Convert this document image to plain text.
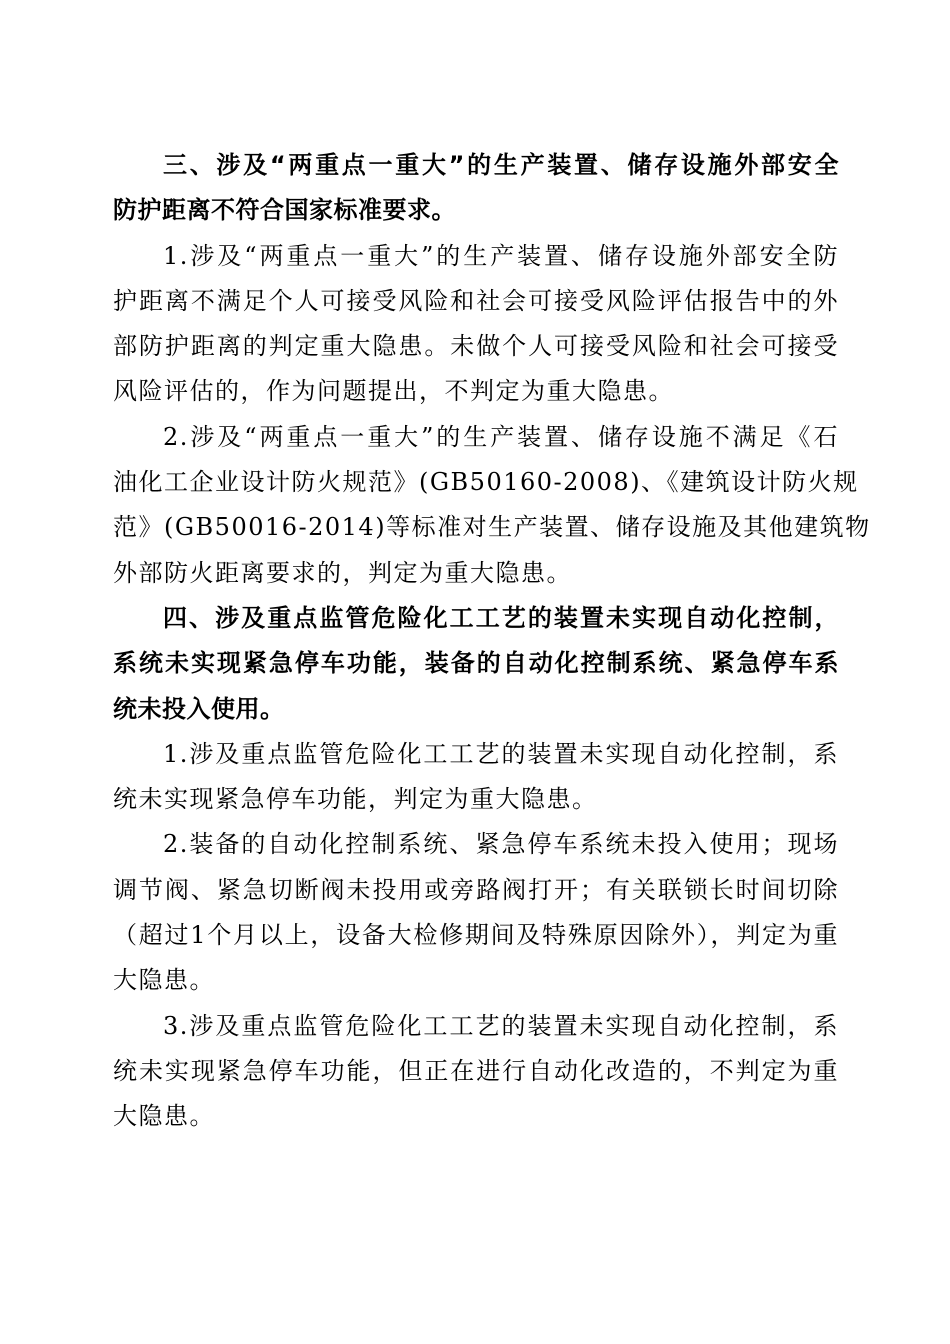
三、涉及“两重点一重大”的生产装置、储存设施外部安全
防护距离不符合国家标准要求。
1.涉及“两重点一重大”的生产装置、储存设施外部安全防
护距离不满足个人可接受风险和社会可接受风险评估报告中的外
部防护距离的判定重大隐患。未做个人可接受风险和社会可接受
风险评估的，作为问题提出，不判定为重大隐患。
2.涉及“两重点一重大”的生产装置、储存设施不满足《石
油化工企业设计防火规范》(GB50160-2008)、《建筑设计防火规
范》(GB50016-2014)等标准对生产装置、储存设施及其他建筑物
外部防火距离要求的，判定为重大隐患。
四、涉及重点监管危险化工工艺的装置未实现自动化控制，
系统未实现紧急停车功能，装备的自动化控制系统、紧急停车系
统未投入使用。
1.涉及重点监管危险化工工艺的装置未实现自动化控制，系
统未实现紧急停车功能，判定为重大隐患。
2.装备的自动化控制系统、紧急停车系统未投入使用；现场
调节阀、紧急切断阀未投用或旁路阀打开；有关联锁长时间切除
（超过1个月以上，设备大检修期间及特殊原因除外），判定为重
大隐患。
3.涉及重点监管危险化工工艺的装置未实现自动化控制，系
统未实现紧急停车功能，但正在进行自动化改造的，不判定为重
大隐患。
